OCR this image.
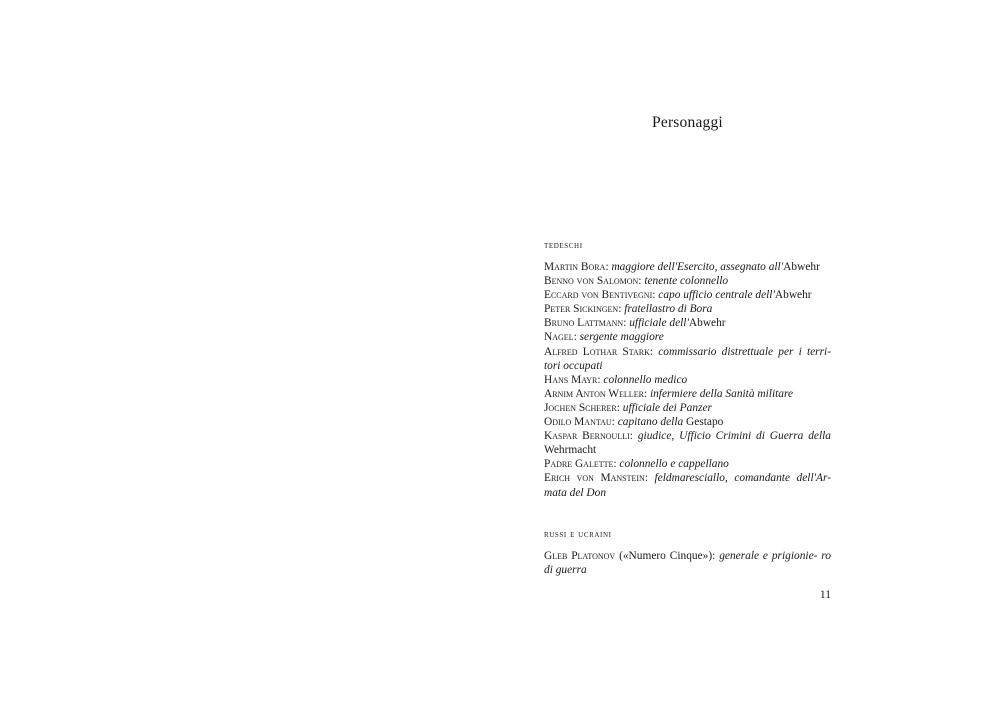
Personaggi
tedeschi
Martin Bora: maggiore dell'Esercito, assegnato all'Abwehr
Benno von Salomon: tenente colonnello
Eccard von Bentivegni: capo ufficio centrale dell'Abwehr
Peter Sickingen: fratellastro di Bora
Bruno Lattmann: ufficiale dell'Abwehr
Nagel: sergente maggiore
Alfred Lothar Stark: commissario distrettuale per i terri- tori occupati
Hans Mayr: colonnello medico
Arnim Anton Weller: infermiere della Sanità militare
Jochen Scherer: ufficiale dei Panzer
Odilo Mantau: capitano della Gestapo
Kaspar Bernoulli: giudice, Ufficio Crimini di Guerra della Wehrmacht
Padre Galette: colonnello e cappellano
Erich von Manstein: feldmaresciallo, comandante dell'Ar- mata del Don
russi e ucraini
Gleb Platonov («Numero Cinque»): generale e prigionie- ro di guerra
11
